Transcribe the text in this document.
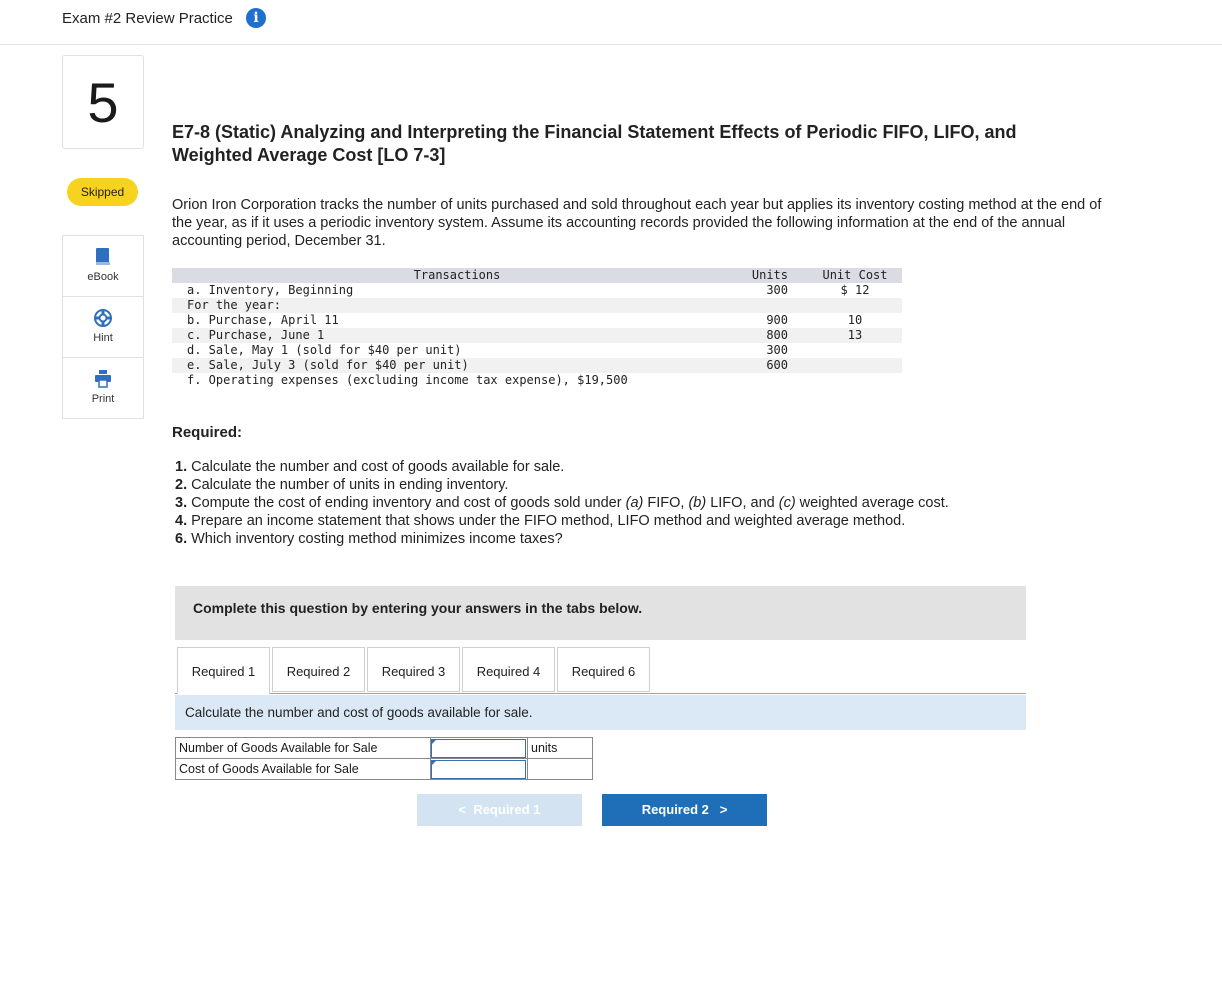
Exam #2 Review Practice	i
5
Skipped
eBook
Hint
Print
E7-8 (Static) Analyzing and Interpreting the Financial Statement Effects of Periodic FIFO, LIFO, and Weighted Average Cost [LO 7-3]
Orion Iron Corporation tracks the number of units purchased and sold throughout each year but applies its inventory costing method at the end of the year, as if it uses a periodic inventory system. Assume its accounting records provided the following information at the end of the annual accounting period, December 31.
Transactions	Units	Unit Cost
a. Inventory, Beginning	300	$ 12
For the year:
b. Purchase, April 11	900	10
c. Purchase, June 1	800	13
d. Sale, May 1 (sold for $40 per unit)	300
e. Sale, July 3 (sold for $40 per unit)	600
f. Operating expenses (excluding income tax expense), $19,500
Required:
1. Calculate the number and cost of goods available for sale.
2. Calculate the number of units in ending inventory.
3. Compute the cost of ending inventory and cost of goods sold under (a) FIFO, (b) LIFO, and (c) weighted average cost.
4. Prepare an income statement that shows under the FIFO method, LIFO method and weighted average method.
6. Which inventory costing method minimizes income taxes?
Complete this question by entering your answers in the tabs below.
Required 1	Required 2	Required 3	Required 4	Required 6
Calculate the number and cost of goods available for sale.
Number of Goods Available for Sale		units
Cost of Goods Available for Sale	

< Required 1	Required 2 >
